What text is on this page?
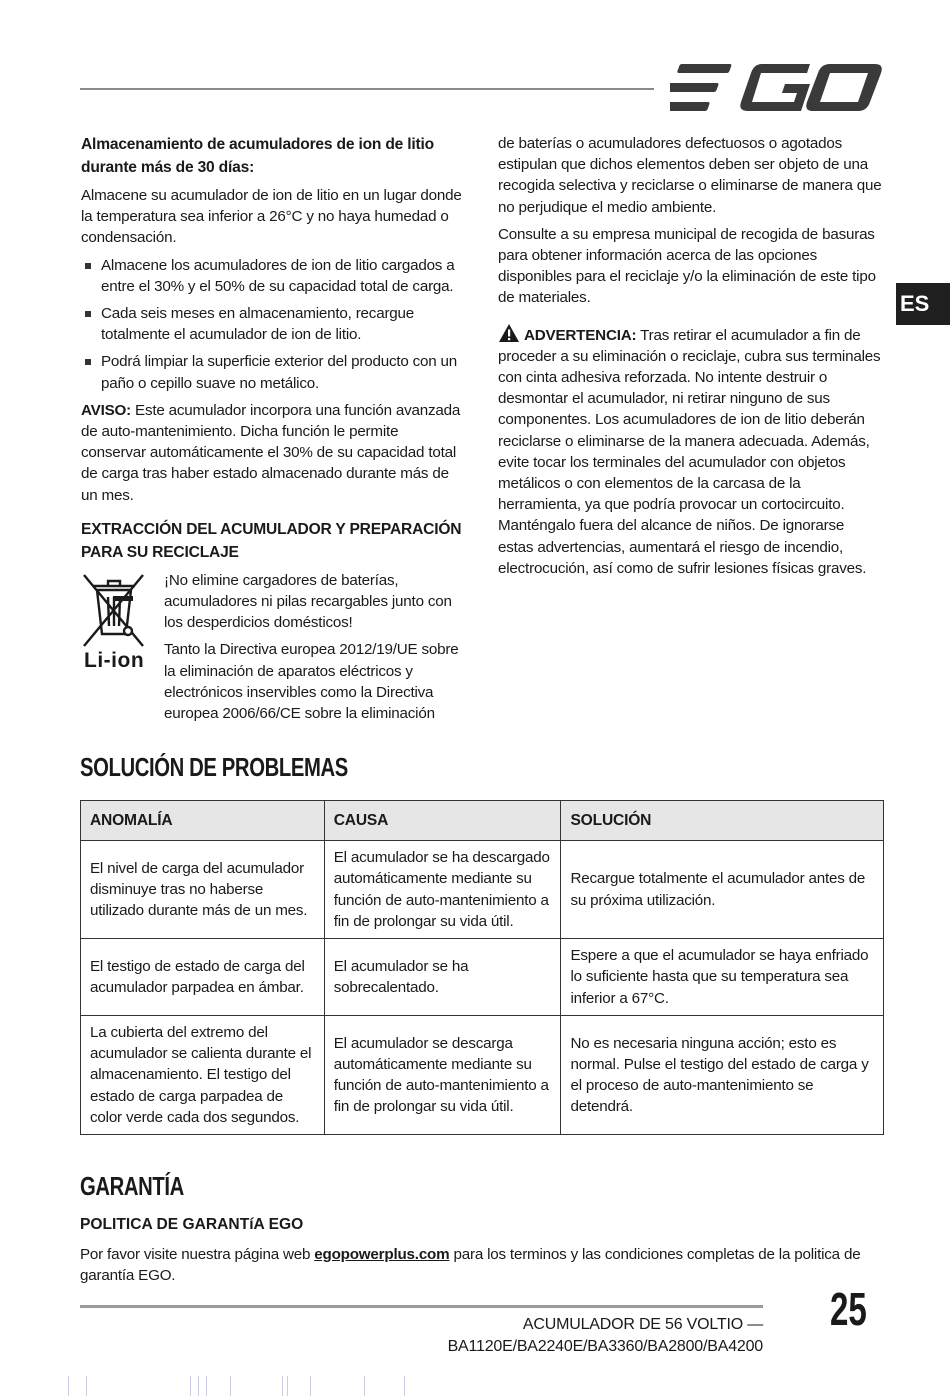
ES
Almacenamiento de acumuladores de ion de litio durante más de 30 días:
Almacene su acumulador de ion de litio en un lugar donde la temperatura sea inferior a 26°C y no haya humedad o condensación.
Almacene los acumuladores de ion de litio cargados a entre el 30% y el 50% de su capacidad total de carga.
Cada seis meses en almacenamiento, recargue totalmente el acumulador de ion de litio.
Podrá limpiar la superficie exterior del producto con un paño o cepillo suave no metálico.
AVISO: Este acumulador incorpora una función avanzada de auto-mantenimiento. Dicha función le permite conservar automáticamente el 30% de su capacidad total de carga tras haber estado almacenado durante más de un mes.
EXTRACCIÓN DEL ACUMULADOR Y PREPARACIÓN PARA SU RECICLAJE
Li-ion
¡No elimine cargadores de baterías, acumuladores ni pilas recargables junto con los desperdicios domésticos!
Tanto la Directiva europea 2012/19/UE sobre la eliminación de aparatos eléctricos y electrónicos inservibles como la Directiva europea 2006/66/CE sobre la eliminación
de baterías o acumuladores defectuosos o agotados estipulan que dichos elementos deben ser objeto de una recogida selectiva y reciclarse o eliminarse de manera que no perjudique el medio ambiente.
Consulte a su empresa municipal de recogida de basuras para obtener información acerca de las opciones disponibles para el reciclaje y/o la eliminación de este tipo de materiales.
ADVERTENCIA: Tras retirar el acumulador a fin de proceder a su eliminación o reciclaje, cubra sus terminales con cinta adhesiva reforzada. No intente destruir o desmontar el acumulador, ni retirar ninguno de sus componentes. Los acumuladores de ion de litio deberán reciclarse o eliminarse de la manera adecuada. Además, evite tocar los terminales del acumulador con objetos metálicos o con elementos de la carcasa de la herramienta, ya que podría provocar un cortocircuito. Manténgalo fuera del alcance de niños. De ignorarse estas advertencias, aumentará el riesgo de incendio, electrocución, así como de sufrir lesiones físicas graves.
SOLUCIÓN DE PROBLEMAS
ANOMALÍA	CAUSA	SOLUCIÓN
El nivel de carga del acumulador disminuye tras no haberse utilizado durante más de un mes.	El acumulador se ha descargado automáticamente mediante su función de auto-mantenimiento a fin de prolongar su vida útil.	Recargue totalmente el acumulador antes de su próxima utilización.
El testigo de estado de carga del acumulador parpadea en ámbar.	El acumulador se ha sobrecalentado.	Espere a que el acumulador se haya enfriado lo suficiente hasta que su temperatura sea inferior a 67°C.
La cubierta del extremo del acumulador se calienta durante el almacenamiento. El testigo del estado de carga parpadea de color verde cada dos segundos.	El acumulador se descarga automáticamente mediante su función de auto-mantenimiento a fin de prolongar su vida útil.	No es necesaria ninguna acción; esto es normal. Pulse el testigo del estado de carga y el proceso de auto-mantenimiento se detendrá.
GARANTÍA
POLITICA DE GARANTíA EGO
Por favor visite nuestra página web egopowerplus.com para los terminos y las condiciones completas de la politica de garantía EGO.
ACUMULADOR DE 56 VOLTIO — BA1120E/BA2240E/BA3360/BA2800/BA4200
25
